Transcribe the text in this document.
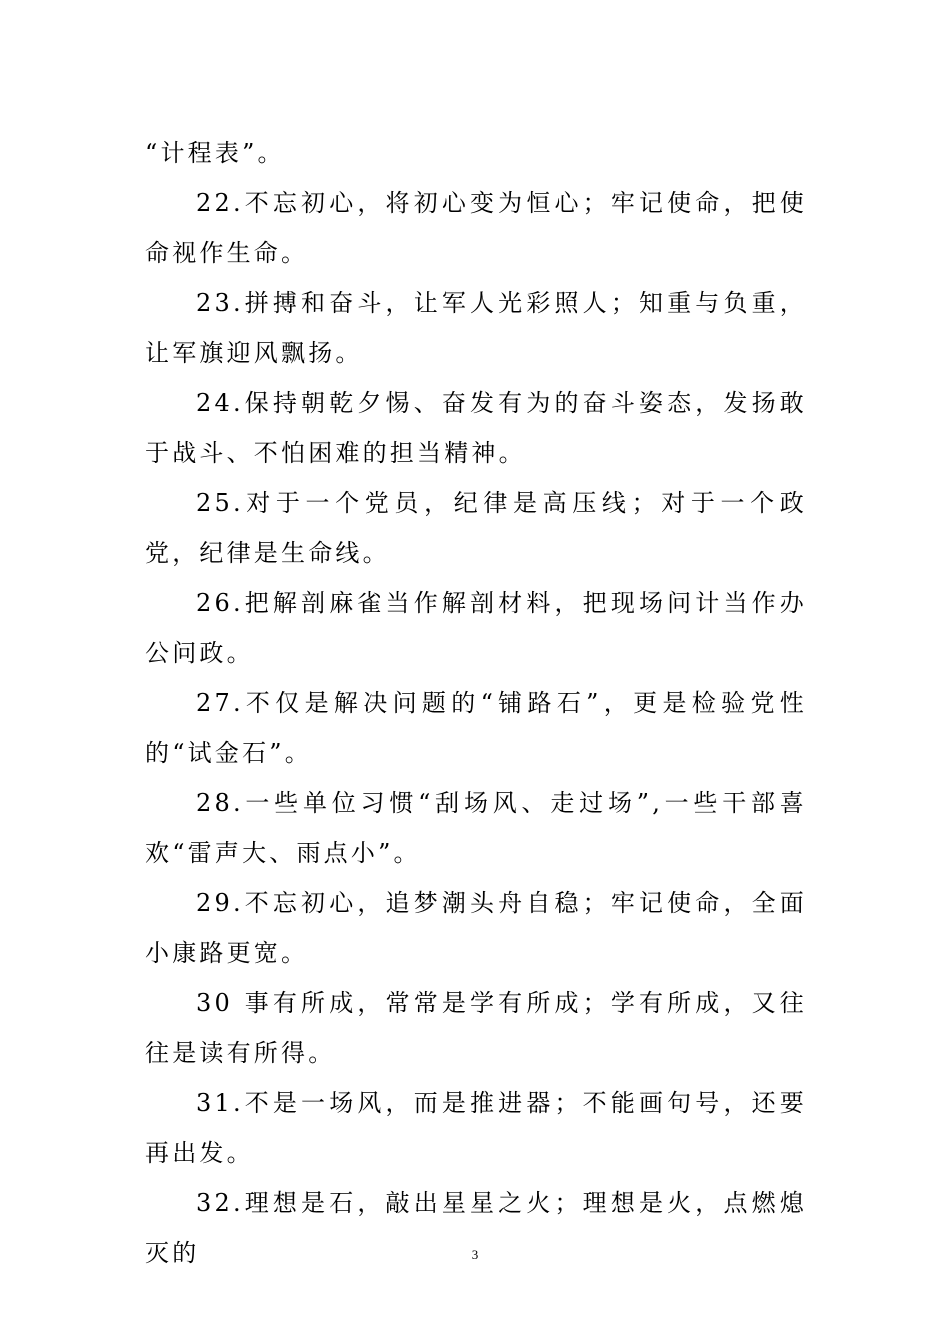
“计程表”。

22.不忘初心，将初心变为恒心；牢记使命，把使命视作生命。

23.拼搏和奋斗，让军人光彩照人；知重与负重，让军旗迎风飘扬。

24.保持朝乾夕惕、奋发有为的奋斗姿态，发扬敢于战斗、不怕困难的担当精神。

25.对于一个党员，纪律是高压线；对于一个政党，纪律是生命线。

26.把解剖麻雀当作解剖材料，把现场问计当作办公问政。

27.不仅是解决问题的“铺路石”，更是检验党性的“试金石”。

28.一些单位习惯“刮场风、走过场”,一些干部喜欢“雷声大、雨点小”。

29.不忘初心，追梦潮头舟自稳；牢记使命，全面小康路更宽。

30 事有所成，常常是学有所成；学有所成，又往往是读有所得。

31.不是一场风，而是推进器；不能画句号，还要再出发。

32.理想是石，敲出星星之火；理想是火，点燃熄灭的	3
